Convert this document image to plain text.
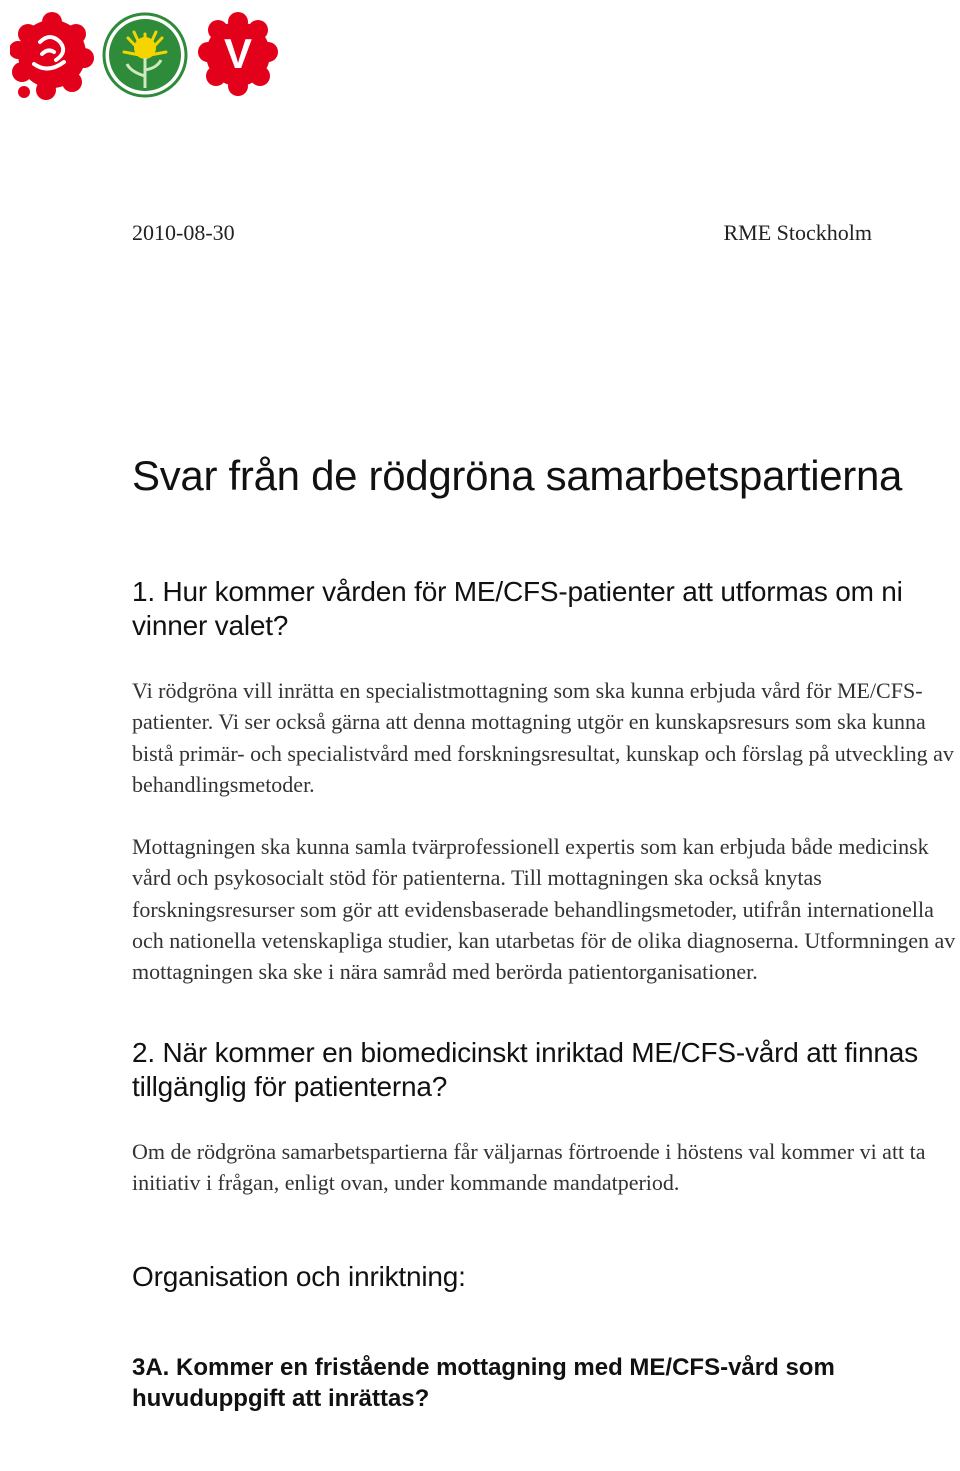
V
2010-08-30	RME Stockholm
Svar från de rödgröna samarbetspartierna
1. Hur kommer vården för ME/CFS-patienter att utformas om ni vinner valet?

Vi rödgröna vill inrätta en specialistmottagning som ska kunna erbjuda vård för ME/CFS-patienter. Vi ser också gärna att denna mottagning utgör en kunskapsresurs som ska kunna bistå primär- och specialistvård med forskningsresultat, kunskap och förslag på utveckling av behandlingsmetoder.

Mottagningen ska kunna samla tvärprofessionell expertis som kan erbjuda både medicinsk vård och psykosocialt stöd för patienterna. Till mottagningen ska också knytas forskningsresurser som gör att evidensbaserade behandlingsmetoder, utifrån internationella och nationella vetenskapliga studier, kan utarbetas för de olika diagnoserna. Utformningen av mottagningen ska ske i nära samråd med berörda patientorganisationer.

2. När kommer en biomedicinskt inriktad ME/CFS-vård att finnas tillgänglig för patienterna?

Om de rödgröna samarbetspartierna får väljarnas förtroende i höstens val kommer vi att ta initiativ i frågan, enligt ovan, under kommande mandatperiod.

Organisation och inriktning:
3A. Kommer en fristående mottagning med ME/CFS-vård som huvuduppgift att inrättas?
